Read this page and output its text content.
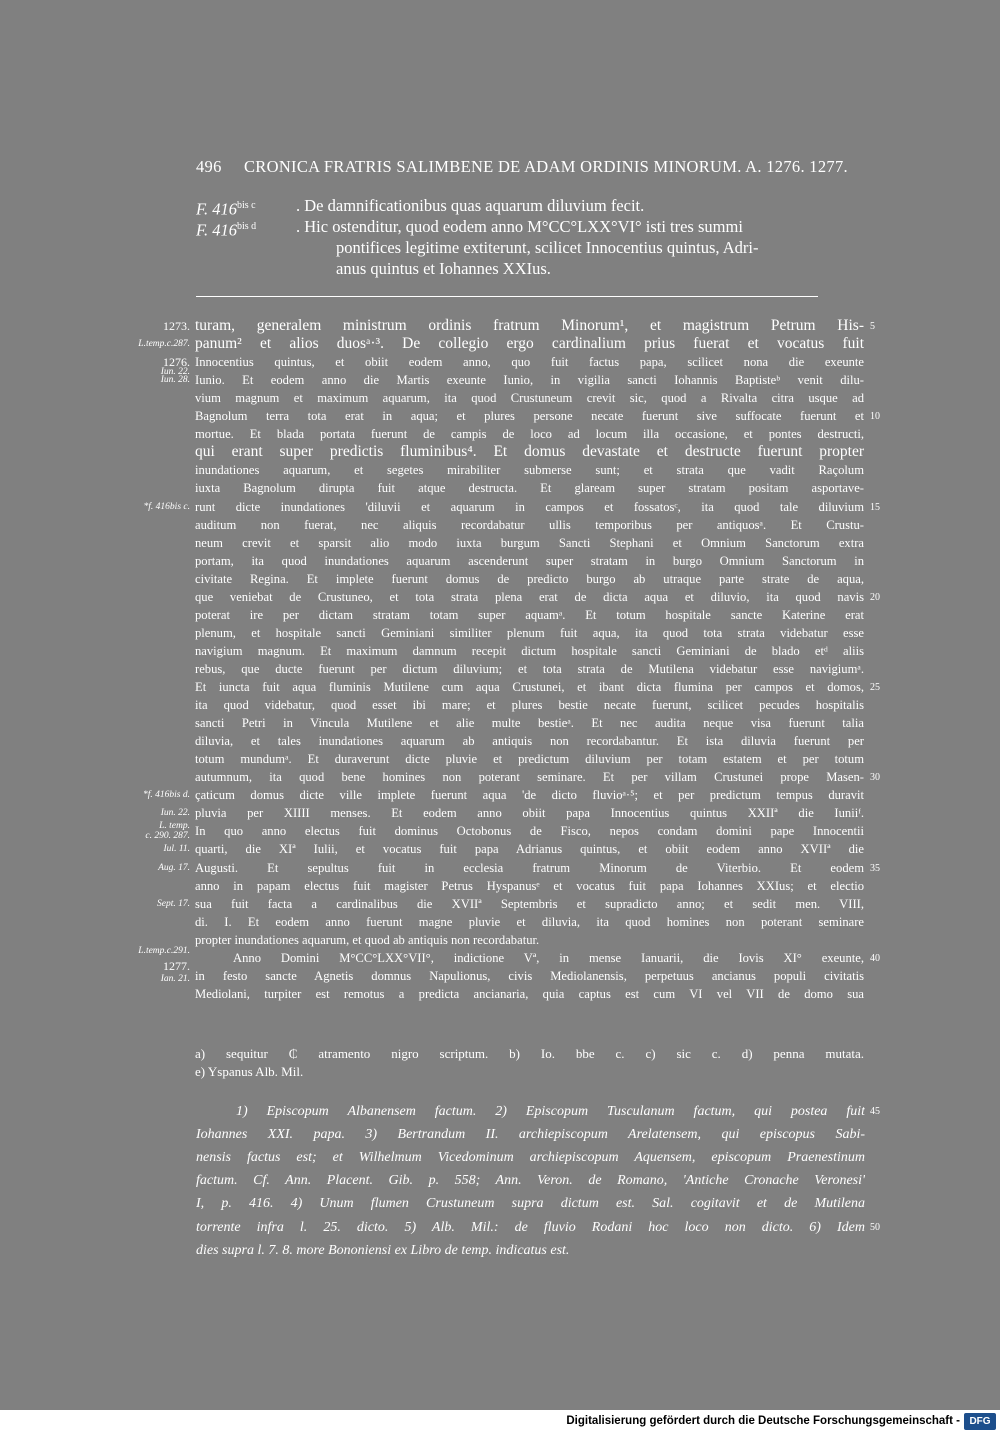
496 CRONICA FRATRIS SALIMBENE DE ADAM ORDINIS MINORUM. A. 1276. 1277.
F. $416^{bis c}$ . De damnificationibus quas aquarum diluvium fecit.
F. $416^{bis d}$ . Hic ostenditur, quod eodem anno M°CC°LXX°VI° isti tres summi
pontifices legitime extiterunt, scilicet Innocentius quintus, Adri-
anus quintus et Iohannes XXIus.
turam, generalem ministrum ordinis fratrum Minorum¹, et magistrum Petrum His-
panum² et alios duosᵃ·³. De collegio ergo cardinalium prius fuerat et vocatus fuit
Innocentius quintus, et obiit eodem anno, quo fuit factus papa, scilicet nona die exeunte
Iunio. Et eodem anno die Martis exeunte Iunio, in vigilia sancti Iohannis Baptisteᵇ venit dilu-
vium magnum et maximum aquarum, ita quod Crustuneum crevit sic, quod a Rivalta citra usque ad
Bagnolum terra tota erat in aqua; et plures persone necate fuerunt sive suffocate fuerunt et
mortue. Et blada portata fuerunt de campis de loco ad locum illa occasione, et pontes destructi,
qui erant super predictis fluminibus⁴. Et domus devastate et destructe fuerunt propter
inundationes aquarum, et segetes mirabiliter submerse sunt; et strata que vadit Raçolum
iuxta Bagnolum dirupta fuit atque destructa. Et glaream super stratam positam asportave-
runt dicte inundationes 'diluvii et aquarum in campos et fossatosᶜ, ita quod tale diluvium
auditum non fuerat, nec aliquis recordabatur ullis temporibus per antiquosᵃ. Et Crustu-
neum crevit et sparsit alio modo iuxta burgum Sancti Stephani et Omnium Sanctorum extra
portam, ita quod inundationes aquarum ascenderunt super stratam in burgo Omnium Sanctorum in
civitate Regina. Et implete fuerunt domus de predicto burgo ab utraque parte strate de aqua,
que veniebat de Crustuneo, et tota strata plena erat de dicta aqua et diluvio, ita quod navis
poterat ire per dictam stratam totam super aquamᵃ. Et totum hospitale sancte Katerine erat
plenum, et hospitale sancti Geminiani similiter plenum fuit aqua, ita quod tota strata videbatur esse
navigium magnum. Et maximum damnum recepit dictum hospitale sancti Geminiani de blado etᵈ aliis
rebus, que ducte fuerunt per dictum diluvium; et tota strata de Mutilena videbatur esse navigiumᵃ.
Et iuncta fuit aqua fluminis Mutilene cum aqua Crustunei, et ibant dicta flumina per campos et domos,
ita quod videbatur, quod esset ibi mare; et plures bestie necate fuerunt, scilicet pecudes hospitalis
sancti Petri in Vincula Mutilene et alie multe bestieᵃ. Et nec audita neque visa fuerunt talia
diluvia, et tales inundationes aquarum ab antiquis non recordabantur. Et ista diluvia fuerunt per
totum mundumᵃ. Et duraverunt dicte pluvie et predictum diluvium per totam estatem et per totum
autumnum, ita quod bene homines non poterant seminare. Et per villam Crustunei prope Masen-
çaticum domus dicte ville implete fuerunt aqua 'de dicto fluvioᵃ·⁵; et per predictum tempus duravit
pluvia per XIIII menses. Et eodem anno obiit papa Innocentius quintus XXIIª die Iuniiᶠ.
In quo anno electus fuit dominus Octobonus de Fisco, nepos condam domini pape Innocentii
quarti, die XIª Iulii, et vocatus fuit papa Adrianus quintus, et obiit eodem anno XVIIª die
Augusti. Et sepultus fuit in ecclesia fratrum Minorum de Viterbio. Et eodem
anno in papam electus fuit magister Petrus Hyspanusᵉ et vocatus fuit papa Iohannes XXIus; et electio
sua fuit facta a cardinalibus die XVIIª Septembris et supradicto anno; et sedit men. VIII,
di. I. Et eodem anno fuerunt magne pluvie et diluvia, ita quod homines non poterant seminare
propter inundationes aquarum, et quod ab antiquis non recordabatur.
Anno Domini M°CC°LXX°VII°, indictione Vª, in mense Ianuarii, die Iovis XI° exeunte,
in festo sancte Agnetis domnus Napulionus, civis Mediolanensis, perpetuus ancianus populi civitatis
Mediolani, turpiter est remotus a predicta ancianaria, quia captus est cum VI vel VII de domo sua
1273.
L.temp.c.287.
1276.
Iun. 22.
Iun. 28.
*f. 416bis c.
*f. 416bis d.
Iun. 22.
L. temp.
c. 290. 287.
Iul. 11.
Aug. 17.
Sept. 17.
L.temp.c.291.
1277.
Ian. 21.
5
10
15
20
25
30
35
40
a) sequitur ₵ atramento nigro scriptum. b) Io. bbe c. c) sic c. d) penna mutata.
e) Yspanus Alb. Mil.
1) Episcopum Albanensem factum. 2) Episcopum Tusculanum factum, qui postea fuit
Iohannes XXI. papa. 3) Bertrandum II. archiepiscopum Arelatensem, qui episcopus Sabi-
nensis factus est; et Wilhelmum Vicedominum archiepiscopum Aquensem, episcopum Praenestinum
factum. Cf. Ann. Placent. Gib. p. 558; Ann. Veron. de Romano, 'Antiche Cronache Veronesi'
I, p. 416. 4) Unum flumen Crustuneum supra dictum est. Sal. cogitavit et de Mutilena
torrente infra l. 25. dicto. 5) Alb. Mil.: de fluvio Rodani hoc loco non dicto. 6) Idem
dies supra l. 7. 8. more Bononiensi ex Libro de temp. indicatus est.
45
50
Digitalisierung gefördert durch die Deutsche Forschungsgemeinschaft - DFG
